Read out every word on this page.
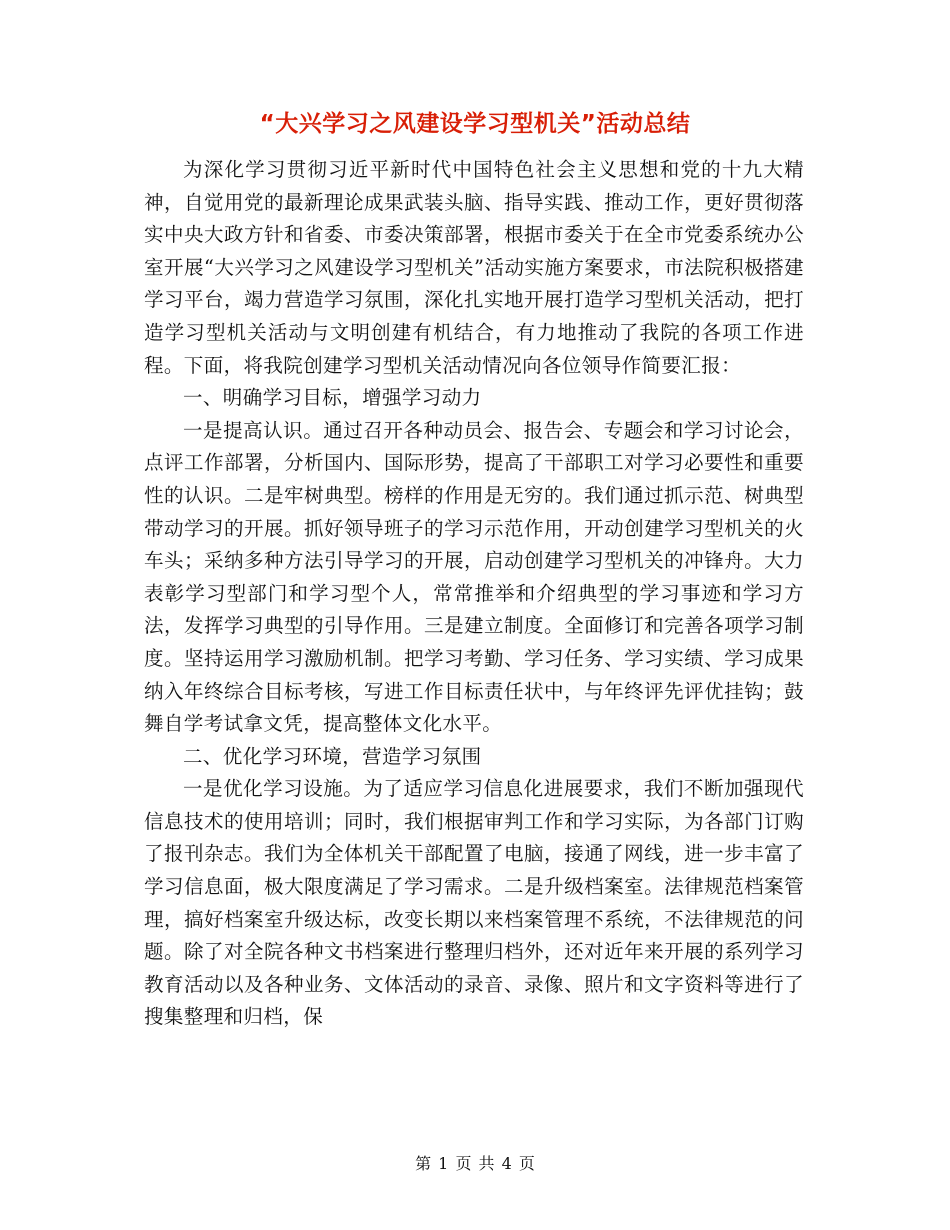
“大兴学习之风建设学习型机关”活动总结

为深化学习贯彻习近平新时代中国特色社会主义思想和党的十九大精神，自觉用党的最新理论成果武装头脑、指导实践、推动工作，更好贯彻落实中央大政方针和省委、市委决策部署，根据市委关于在全市党委系统办公室开展“大兴学习之风建设学习型机关”活动实施方案要求，市法院积极搭建学习平台，竭力营造学习氛围，深化扎实地开展打造学习型机关活动，把打造学习型机关活动与文明创建有机结合，有力地推动了我院的各项工作进程。下面，将我院创建学习型机关活动情况向各位领导作简要汇报：

一、明确学习目标，增强学习动力

一是提高认识。通过召开各种动员会、报告会、专题会和学习讨论会，点评工作部署，分析国内、国际形势，提高了干部职工对学习必要性和重要性的认识。二是牢树典型。榜样的作用是无穷的。我们通过抓示范、树典型带动学习的开展。抓好领导班子的学习示范作用，开动创建学习型机关的火车头；采纳多种方法引导学习的开展，启动创建学习型机关的冲锋舟。大力表彰学习型部门和学习型个人，常常推举和介绍典型的学习事迹和学习方法，发挥学习典型的引导作用。三是建立制度。全面修订和完善各项学习制度。坚持运用学习激励机制。把学习考勤、学习任务、学习实绩、学习成果纳入年终综合目标考核，写进工作目标责任状中，与年终评先评优挂钩；鼓舞自学考试拿文凭，提高整体文化水平。

二、优化学习环境，营造学习氛围

一是优化学习设施。为了适应学习信息化进展要求，我们不断加强现代信息技术的使用培训；同时，我们根据审判工作和学习实际，为各部门订购了报刊杂志。我们为全体机关干部配置了电脑，接通了网线，进一步丰富了学习信息面，极大限度满足了学习需求。二是升级档案室。法律规范档案管理，搞好档案室升级达标，改变长期以来档案管理不系统，不法律规范的问题。除了对全院各种文书档案进行整理归档外，还对近年来开展的系列学习教育活动以及各种业务、文体活动的录音、录像、照片和文字资料等进行了搜集整理和归档，保

第 1 页 共 4 页
